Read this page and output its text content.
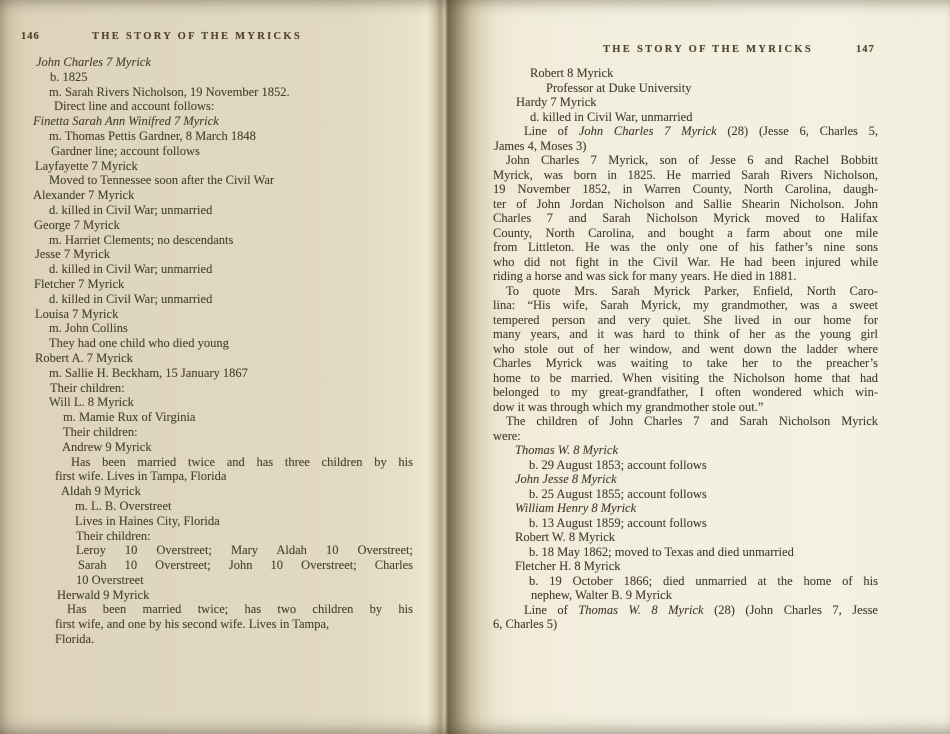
146	THE STORY OF THE MYRICKS
John Charles 7 Myrick
b. 1825
m. Sarah Rivers Nicholson, 19 November 1852.
Direct line and account follows:
Finetta Sarah Ann Winifred 7 Myrick
m. Thomas Pettis Gardner, 8 March 1848
Gardner line; account follows
Layfayette 7 Myrick
Moved to Tennessee soon after the Civil War
Alexander 7 Myrick
d. killed in Civil War; unmarried
George 7 Myrick
m. Harriet Clements; no descendants
Jesse 7 Myrick
d. killed in Civil War; unmarried
Fletcher 7 Myrick
d. killed in Civil War; unmarried
Louisa 7 Myrick
m. John Collins
They had one child who died young
Robert A. 7 Myrick
m. Sallie H. Beckham, 15 January 1867
Their children:
Will L. 8 Myrick
m. Mamie Rux of Virginia
Their children:
Andrew 9 Myrick
Has been married twice and has three children by his
first wife. Lives in Tampa, Florida
Aldah 9 Myrick
m. L. B. Overstreet
Lives in Haines City, Florida
Their children:
Leroy 10 Overstreet; Mary Aldah 10 Overstreet;
Sarah 10 Overstreet; John 10 Overstreet; Charles
10 Overstreet
Herwald 9 Myrick
Has been married twice; has two children by his
first wife, and one by his second wife. Lives in Tampa,
Florida.
THE STORY OF THE MYRICKS	147
Robert 8 Myrick
Professor at Duke University
Hardy 7 Myrick
d. killed in Civil War, unmarried
Line of John Charles 7 Myrick (28) (Jesse 6, Charles 5,
James 4, Moses 3)
John Charles 7 Myrick, son of Jesse 6 and Rachel Bobbitt
Myrick, was born in 1825. He married Sarah Rivers Nicholson,
19 November 1852, in Warren County, North Carolina, daugh-
ter of John Jordan Nicholson and Sallie Shearin Nicholson. John
Charles 7 and Sarah Nicholson Myrick moved to Halifax
County, North Carolina, and bought a farm about one mile
from Littleton. He was the only one of his father’s nine sons
who did not fight in the Civil War. He had been injured while
riding a horse and was sick for many years. He died in 1881.
To quote Mrs. Sarah Myrick Parker, Enfield, North Caro-
lina: “His wife, Sarah Myrick, my grandmother, was a sweet
tempered person and very quiet. She lived in our home for
many years, and it was hard to think of her as the young girl
who stole out of her window, and went down the ladder where
Charles Myrick was waiting to take her to the preacher’s
home to be married. When visiting the Nicholson home that had
belonged to my great-grandfather, I often wondered which win-
dow it was through which my grandmother stole out.”
The children of John Charles 7 and Sarah Nicholson Myrick
were:
Thomas W. 8 Myrick
b. 29 August 1853; account follows
John Jesse 8 Myrick
b. 25 August 1855; account follows
William Henry 8 Myrick
b. 13 August 1859; account follows
Robert W. 8 Myrick
b. 18 May 1862; moved to Texas and died unmarried
Fletcher H. 8 Myrick
b. 19 October 1866; died unmarried at the home of his
nephew, Walter B. 9 Myrick
Line of Thomas W. 8 Myrick (28) (John Charles 7, Jesse
6, Charles 5)
